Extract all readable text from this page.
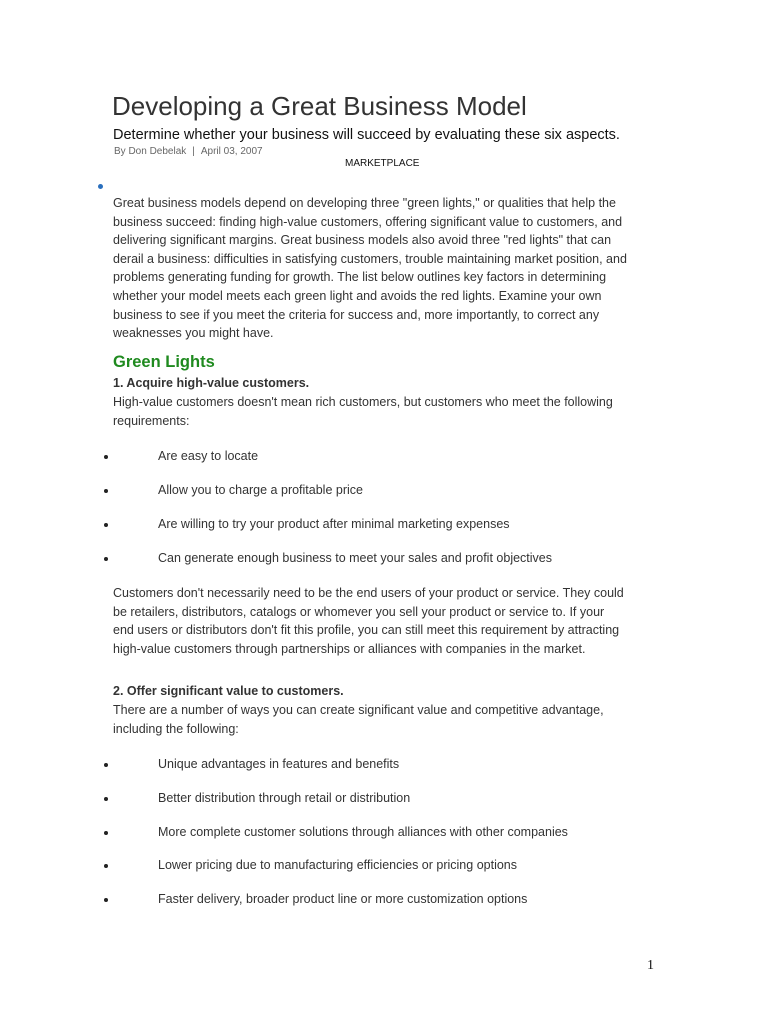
Developing a Great Business Model
Determine whether your business will succeed by evaluating these six aspects.
By Don Debelak | April 03, 2007
MARKETPLACE

Great business models depend on developing three "green lights," or qualities that help the
business succeed: finding high-value customers, offering significant value to customers, and
delivering significant margins. Great business models also avoid three "red lights" that can
derail a business: difficulties in satisfying customers, trouble maintaining market position, and
problems generating funding for growth. The list below outlines key factors in determining
whether your model meets each green light and avoids the red lights. Examine your own
business to see if you meet the criteria for success and, more importantly, to correct any
weaknesses you might have.

Green Lights
1. Acquire high-value customers.

High-value customers doesn't mean rich customers, but customers who meet the following
requirements:

Are easy to locate
Allow you to charge a profitable price
Are willing to try your product after minimal marketing expenses
Can generate enough business to meet your sales and profit objectives

Customers don't necessarily need to be the end users of your product or service. They could
be retailers, distributors, catalogs or whomever you sell your product or service to. If your
end users or distributors don't fit this profile, you can still meet this requirement by attracting
high-value customers through partnerships or alliances with companies in the market.

2. Offer significant value to customers.

There are a number of ways you can create significant value and competitive advantage,
including the following:

Unique advantages in features and benefits
Better distribution through retail or distribution
More complete customer solutions through alliances with other companies
Lower pricing due to manufacturing efficiencies or pricing options
Faster delivery, broader product line or more customization options
1
